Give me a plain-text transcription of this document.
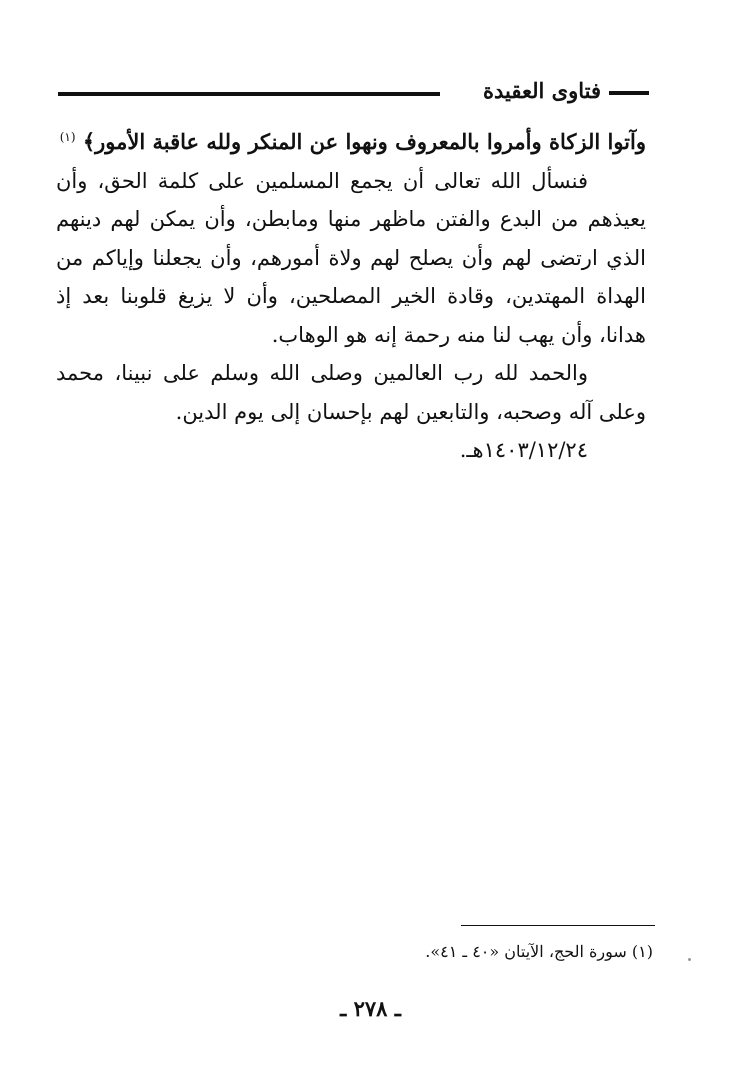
فتاوى العقيدة

وآتوا الزكاة وأمروا بالمعروف ونهوا عن المنكر ولله عاقبة الأمور﴾ $^{(١)}$

فنسأل الله تعالى أن يجمع المسلمين على كلمة الحق، وأن يعيذهم من البدع والفتن ماظهر منها ومابطن، وأن يمكن لهم دينهم الذي ارتضى لهم وأن يصلح لهم ولاة أمورهم، وأن يجعلنا وإياكم من الهداة المهتدين، وقادة الخير المصلحين، وأن لا يزيغ قلوبنا بعد إذ هدانا، وأن يهب لنا منه رحمة إنه هو الوهاب.

والحمد لله رب العالمين وصلى الله وسلم على نبينا، محمد وعلى آله وصحبه، والتابعين لهم بإحسان إلى يوم الدين.

١٤٠٣/١٢/٢٤هـ.

(١) سورة الحج، الآيتان «٤٠ ـ ٤١».
ـ ٢٧٨ ـ
